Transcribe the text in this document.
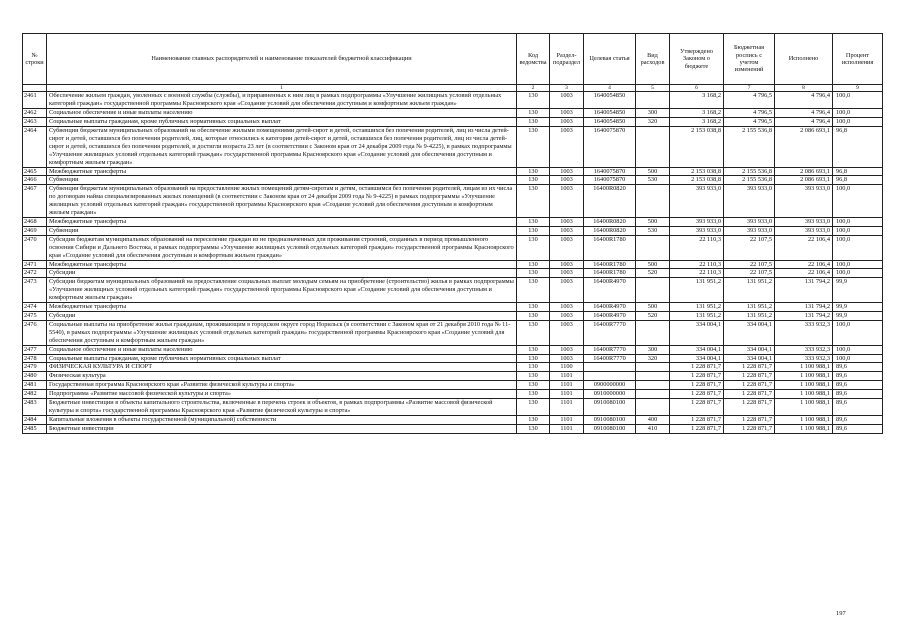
№ строки	Наименование главных распорядителей и наименование показателей бюджетной классификации	Код ведомства	Раздел-подраздел	Целевая статья	Вид расходов	Утверждено Законом о бюджете	Бюджетная роспись с учетом изменений	Исполнено	Процент исполнения
	1	2	3	4	5	6	7	8	9
2461	Обеспечение жильем граждан, уволенных с военной службы (службы), и приравненных к ним лиц в рамках подпрограммы «Улучшение жилищных условий отдельных категорий граждан» государственной программы Красноярского края «Создание условий для обеспечения доступным и комфортным жильем граждан»	130	1003	1640054850		3 168,2	4 796,5	4 796,4	100,0
2462	Социальное обеспечение и иные выплаты населению	130	1003	1640054850	300	3 168,2	4 796,5	4 796,4	100,0
2463	Социальные выплаты гражданам, кроме публичных нормативных социальных выплат	130	1003	1640054850	320	3 168,2	4 796,5	4 796,4	100,0
2464	Субвенции бюджетам муниципальных образований на обеспечение жилыми помещениями детей-сирот и детей, оставшихся без попечения родителей, лиц из числа детей-сирот и детей, оставшихся без попечения родителей, лиц, которые относились к категории детей-сирот и детей, оставшихся без попечения родителей, лиц из числа детей-сирот и детей, оставшихся без попечения родителей, и достигли возраста 23 лет (в соответствии с Законом края от 24 декабря 2009 года № 9-4225), в рамках подпрограммы «Улучшение жилищных условий отдельных категорий граждан» государственной программы Красноярского края «Создание условий для обеспечения доступным и комфортным жильем граждан»	130	1003	1640075870		2 153 038,8	2 155 536,8	2 086 693,1	96,8
2465	Межбюджетные трансферты	130	1003	1640075870	500	2 153 038,8	2 155 536,8	2 086 693,1	96,8
2466	Субвенции	130	1003	1640075870	530	2 153 038,8	2 155 536,8	2 086 693,1	96,8
2467	Субвенции бюджетам муниципальных образований на предоставление жилых помещений детям-сиротам и детям, оставшимся без попечения родителей, лицам из их числа по договорам найма специализированных жилых помещений (в соответствии с Законом края от 24 декабря 2009 года № 9-4225) в рамках подпрограммы «Улучшение жилищных условий отдельных категорий граждан» государственной программы Красноярского края «Создание условий для обеспечения доступным и комфортным жильем граждан»	130	1003	16400R0820		393 933,0	393 933,0	393 933,0	100,0
2468	Межбюджетные трансферты	130	1003	16400R0820	500	393 933,0	393 933,0	393 933,0	100,0
2469	Субвенции	130	1003	16400R0820	530	393 933,0	393 933,0	393 933,0	100,0
2470	Субсидия бюджетам муниципальных образований на переселение граждан из не предназначенных для проживания строений, созданных в период промышленного освоения Сибири и Дальнего Востока, в рамках подпрограммы «Улучшение жилищных условий отдельных категорий граждан» государственной программы Красноярского края «Создание условий для обеспечения доступным и комфортным жильем граждан»	130	1003	16400R1780		22 110,3	22 107,5	22 106,4	100,0
2471	Межбюджетные трансферты	130	1003	16400R1780	500	22 110,3	22 107,5	22 106,4	100,0
2472	Субсидии	130	1003	16400R1780	520	22 110,3	22 107,5	22 106,4	100,0
2473	Субсидии бюджетам муниципальных образований на предоставление социальных выплат молодым семьям на приобретение (строительство) жилья в рамках подпрограммы «Улучшение жилищных условий отдельных категорий граждан» государственной программы Красноярского края «Создание условий для обеспечения доступным и комфортным жильем граждан»	130	1003	16400R4970		131 951,2	131 951,2	131 794,2	99,9
2474	Межбюджетные трансферты	130	1003	16400R4970	500	131 951,2	131 951,2	131 794,2	99,9
2475	Субсидии	130	1003	16400R4970	520	131 951,2	131 951,2	131 794,2	99,9
2476	Социальные выплаты на приобретение жилья гражданам, проживающим в городском округе город Норильск (в соответствии с Законом края от 21 декабря 2010 года № 11-5540), в рамках подпрограммы «Улучшение жилищных условий отдельных категорий граждан» государственной программы Красноярского края «Создание условий для обеспечения доступным и комфортным жильем граждан»	130	1003	16400R7770		334 004,1	334 004,1	333 932,3	100,0
2477	Социальное обеспечение и иные выплаты населению	130	1003	16400R7770	300	334 004,1	334 004,1	333 932,3	100,0
2478	Социальные выплаты гражданам, кроме публичных нормативных социальных выплат	130	1003	16400R7770	320	334 004,1	334 004,1	333 932,3	100,0
2479	ФИЗИЧЕСКАЯ КУЛЬТУРА И СПОРТ	130	1100			1 228 871,7	1 228 871,7	1 100 988,1	89,6
2480	Физическая культура	130	1101			1 228 871,7	1 228 871,7	1 100 988,1	89,6
2481	Государственная программа Красноярского края «Развитие физической культуры и спорта»	130	1101	0900000000		1 228 871,7	1 228 871,7	1 100 988,1	89,6
2482	Подпрограмма «Развитие массовой физической культуры и спорта»	130	1101	0910000000		1 228 871,7	1 228 871,7	1 100 988,1	89,6
2483	Бюджетные инвестиции в объекты капитального строительства, включенные в перечень строек и объектов, в рамках подпрограммы «Развитие массовой физической культуры и спорта» государственной программы Красноярского края «Развитие физической культуры и спорта»	130	1101	0910080100		1 228 871,7	1 228 871,7	1 100 988,1	89,6
2484	Капитальные вложения в объекты государственной (муниципальной) собственности	130	1101	0910080100	400	1 228 871,7	1 228 871,7	1 100 988,1	89,6
2485	Бюджетные инвестиции	130	1101	0910080100	410	1 228 871,7	1 228 871,7	1 100 988,1	89,6
197
